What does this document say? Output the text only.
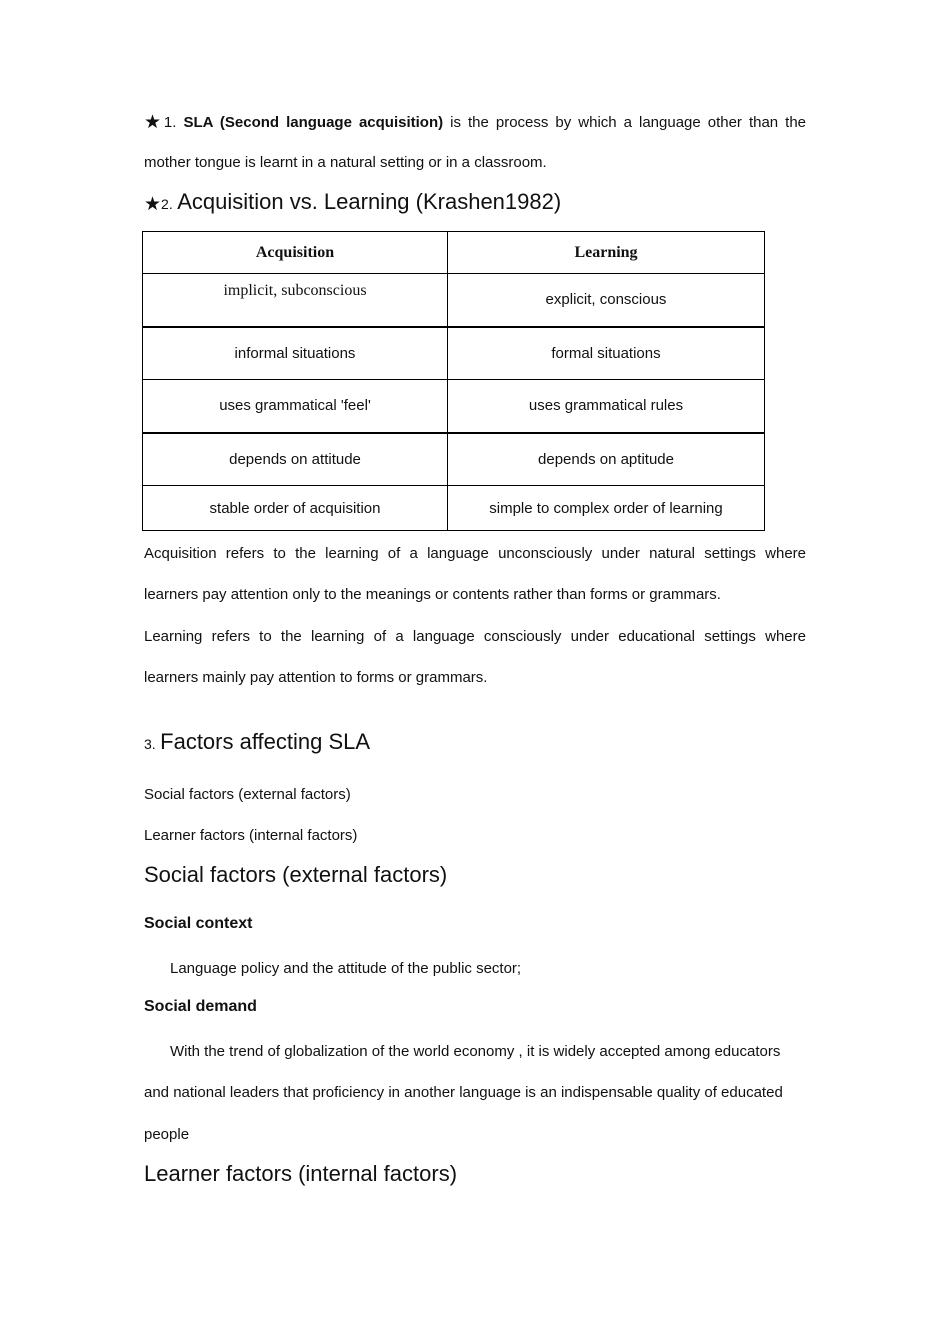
★1. SLA (Second language acquisition) is the process by which a language other than the
mother tongue is learnt in a natural setting or in a classroom.
★2. Acquisition vs. Learning (Krashen1982)
Acquisition	Learning
implicit, subconscious	explicit, conscious
informal situations	formal situations
uses grammatical 'feel'	uses grammatical rules
depends on attitude	depends on aptitude
stable order of acquisition	simple to complex order of learning
Acquisition refers to the learning of a language unconsciously under natural settings where
learners pay attention only to the meanings or contents rather than forms or grammars.
Learning refers to the learning of a language consciously under educational settings where
learners mainly pay attention to forms or grammars.
3. Factors affecting SLA
Social factors (external factors)
Learner factors (internal factors)
Social factors (external factors)
Social context
Language policy and the attitude of the public sector;
Social demand
With the trend of globalization of the world economy , it is widely accepted among educators
and national leaders that proficiency in another language is an indispensable quality of educated
people
Learner factors (internal factors)
